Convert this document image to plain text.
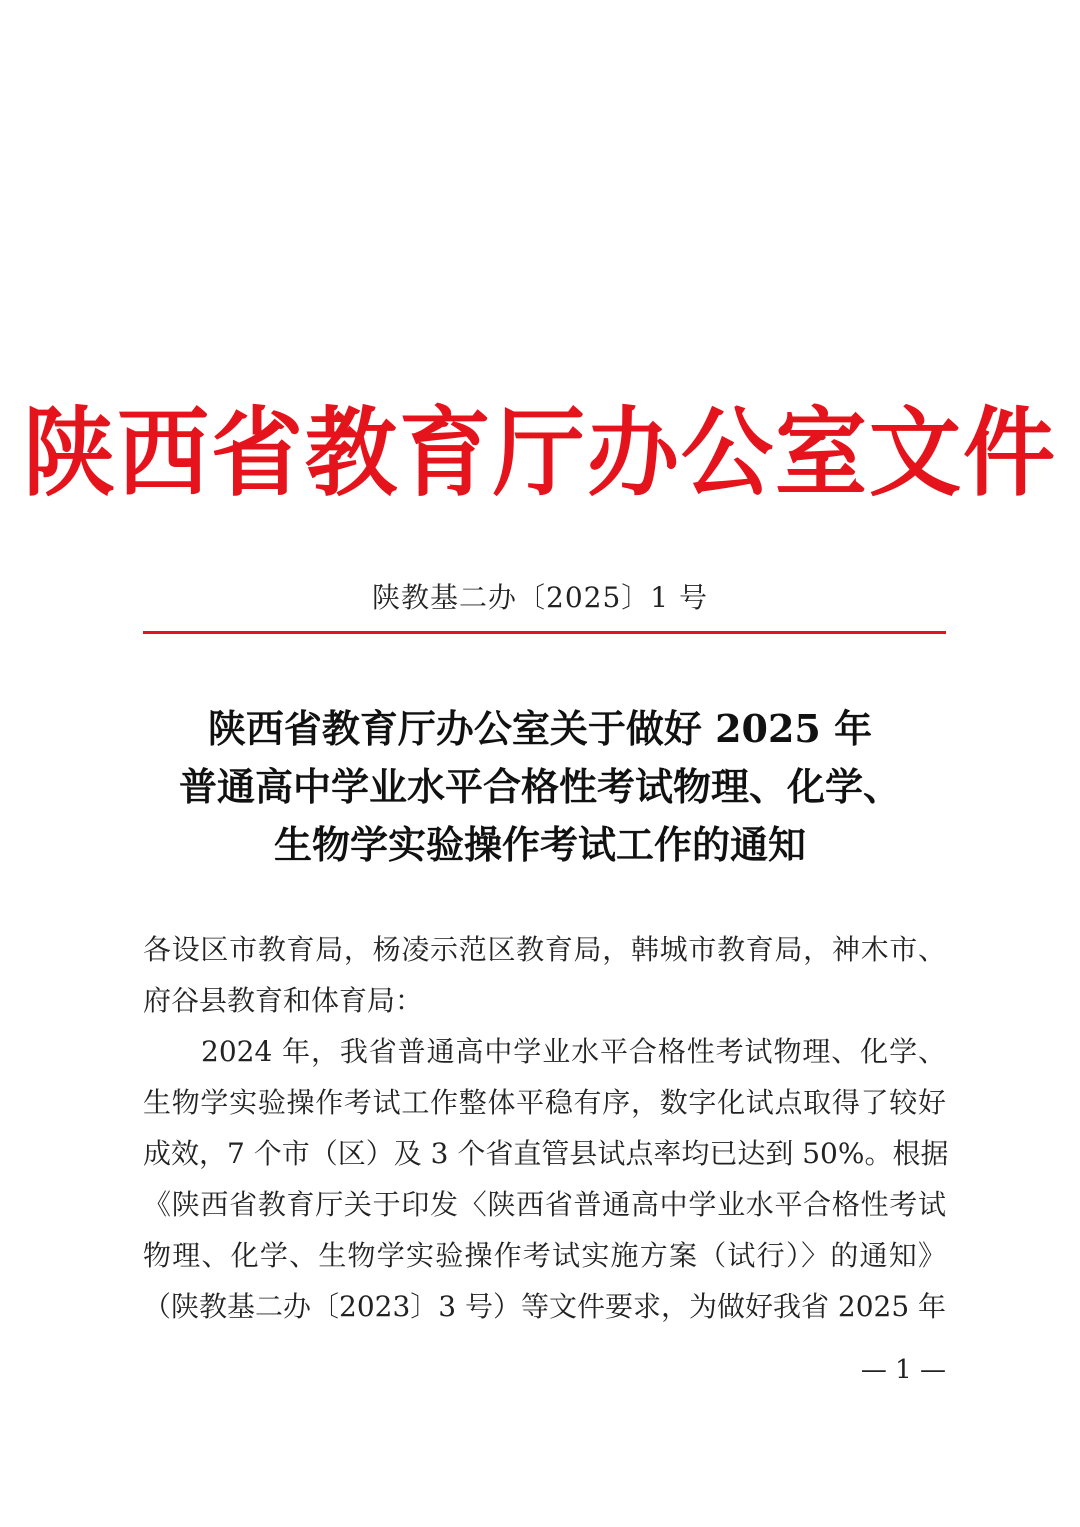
陕西省教育厅办公室文件
陕教基二办〔2025〕1 号
陕西省教育厅办公室关于做好 2025 年
普通高中学业水平合格性考试物理、化学、
生物学实验操作考试工作的通知
各设区市教育局，杨凌示范区教育局，韩城市教育局，神木市、
府谷县教育和体育局：
2024 年，我省普通高中学业水平合格性考试物理、化学、
生物学实验操作考试工作整体平稳有序，数字化试点取得了较好
成效，7 个市（区）及 3 个省直管县试点率均已达到 50%。根据
《陕西省教育厅关于印发〈陕西省普通高中学业水平合格性考试
物理、化学、生物学实验操作考试实施方案（试行）〉的通知》
（陕教基二办〔2023〕3 号）等文件要求，为做好我省 2025 年
— 1 —
